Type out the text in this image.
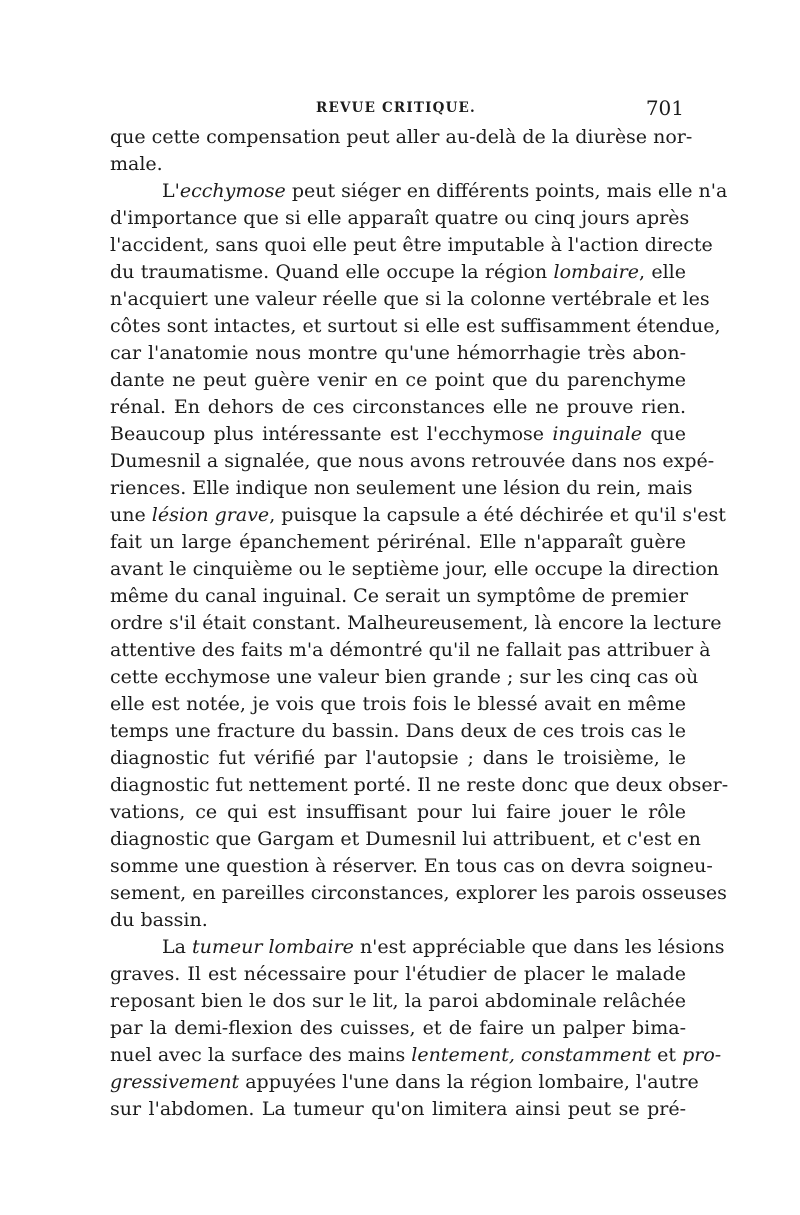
REVUE CRITIQUE.	701
que cette compensation peut aller au-delà de la diurèse nor-
male.
L'ecchymose peut siéger en différents points, mais elle n'a
d'importance que si elle apparaît quatre ou cinq jours après
l'accident, sans quoi elle peut être imputable à l'action directe
du traumatisme. Quand elle occupe la région lombaire, elle
n'acquiert une valeur réelle que si la colonne vertébrale et les
côtes sont intactes, et surtout si elle est suffisamment étendue,
car l'anatomie nous montre qu'une hémorrhagie très abon-
dante ne peut guère venir en ce point que du parenchyme
rénal. En dehors de ces circonstances elle ne prouve rien.
Beaucoup plus intéressante est l'ecchymose inguinale que
Dumesnil a signalée, que nous avons retrouvée dans nos expé-
riences. Elle indique non seulement une lésion du rein, mais
une lésion grave, puisque la capsule a été déchirée et qu'il s'est
fait un large épanchement périrénal. Elle n'apparaît guère
avant le cinquième ou le septième jour, elle occupe la direction
même du canal inguinal. Ce serait un symptôme de premier
ordre s'il était constant. Malheureusement, là encore la lecture
attentive des faits m'a démontré qu'il ne fallait pas attribuer à
cette ecchymose une valeur bien grande ; sur les cinq cas où
elle est notée, je vois que trois fois le blessé avait en même
temps une fracture du bassin. Dans deux de ces trois cas le
diagnostic fut vérifié par l'autopsie ; dans le troisième, le
diagnostic fut nettement porté. Il ne reste donc que deux obser-
vations, ce qui est insuffisant pour lui faire jouer le rôle
diagnostic que Gargam et Dumesnil lui attribuent, et c'est en
somme une question à réserver. En tous cas on devra soigneu-
sement, en pareilles circonstances, explorer les parois osseuses
du bassin.
La tumeur lombaire n'est appréciable que dans les lésions
graves. Il est nécessaire pour l'étudier de placer le malade
reposant bien le dos sur le lit, la paroi abdominale relâchée
par la demi-flexion des cuisses, et de faire un palper bima-
nuel avec la surface des mains lentement, constamment et pro-
gressivement appuyées l'une dans la région lombaire, l'autre
sur l'abdomen. La tumeur qu'on limitera ainsi peut se pré-
